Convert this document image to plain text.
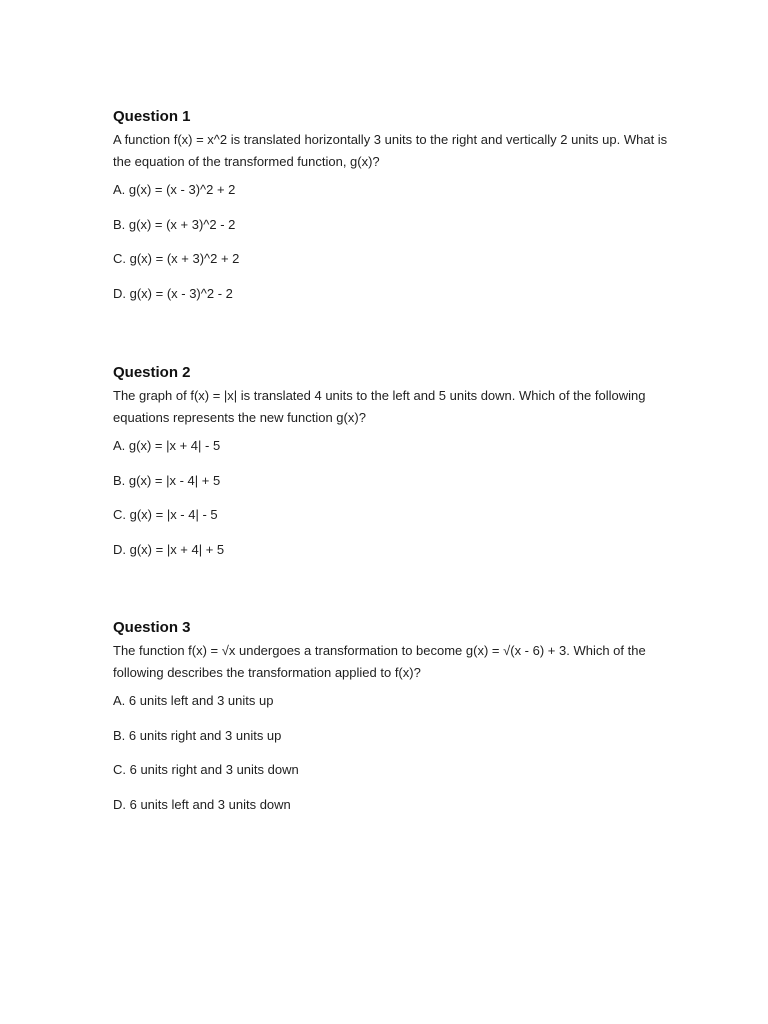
Question 1

A function f(x) = x^2 is translated horizontally 3 units to the right and vertically 2 units up. What is the equation of the transformed function, g(x)?

A. g(x) = (x - 3)^2 + 2
B. g(x) = (x + 3)^2 - 2
C. g(x) = (x + 3)^2 + 2
D. g(x) = (x - 3)^2 - 2
Question 2

The graph of f(x) = |x| is translated 4 units to the left and 5 units down. Which of the following equations represents the new function g(x)?

A. g(x) = |x + 4| - 5
B. g(x) = |x - 4| + 5
C. g(x) = |x - 4| - 5
D. g(x) = |x + 4| + 5
Question 3

The function f(x) = √x undergoes a transformation to become g(x) = √(x - 6) + 3. Which of the following describes the transformation applied to f(x)?

A. 6 units left and 3 units up
B. 6 units right and 3 units up
C. 6 units right and 3 units down
D. 6 units left and 3 units down
